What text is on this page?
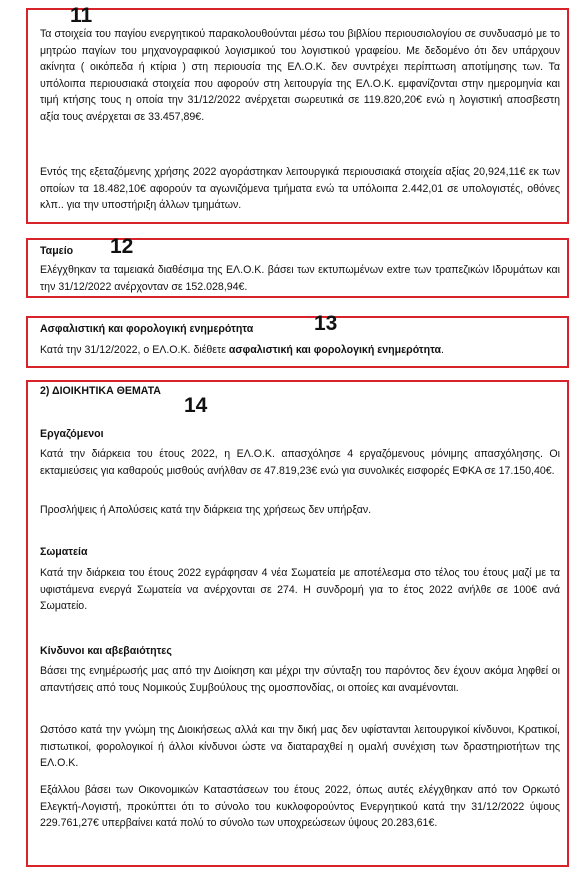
11

Τα στοιχεία του παγίου ενεργητικού παρακολουθούνται μέσω του βιβλίου περιουσιολογίου σε συνδυασμό με το μητρώο παγίων του μηχανογραφικού λογισμικού του λογιστικού γραφείου. Με δεδομένο ότι δεν υπάρχουν ακίνητα ( οικόπεδα ή κτίρια ) στη περιουσία της ΕΛ.Ο.Κ. δεν συντρέχει περίπτωση αποτίμησης των. Τα υπόλοιπα περιουσιακά στοιχεία που αφορούν στη λειτουργία της ΕΛ.Ο.Κ. εμφανίζονται στην ημερομηνία και τιμή κτήσης τους η οποία την 31/12/2022 ανέρχεται σωρευτικά σε 119.820,20€ ενώ η λογιστική αποσβεστη αξία τους ανέρχεται σε 33.457,89€.

Εντός της εξεταζόμενης χρήσης 2022 αγοράστηκαν λειτουργικά περιουσιακά στοιχεία αξίας 20,924,11€ εκ των οποίων τα 18.482,10€ αφορούν τα αγωνιζόμενα τμήματα ενώ τα υπόλοιπα 2.442,01 σε υπολογιστές, οθόνες κλπ.. για την υποστήριξη άλλων τμημάτων.

Ταμείο 12

Ελέγχθηκαν τα ταμειακά διαθέσιμα της ΕΛ.Ο.Κ. βάσει των εκτυπωμένων extre των τραπεζικών Ιδρυμάτων και την 31/12/2022 ανέρχονταν σε 152.028,94€.

Ασφαλιστική και φορολογική ενημερότητα	13

Κατά την 31/12/2022, ο ΕΛ.Ο.Κ. διέθετε ασφαλιστική και φορολογική ενημερότητα.

2) ΔΙΟΙΚΗΤΙΚΑ ΘΕΜΑΤΑ
14
Εργαζόμενοι

Κατά την διάρκεια του έτους 2022, η ΕΛ.Ο.Κ. απασχόλησε 4 εργαζόμενους μόνιμης απασχόλησης. Οι εκταμιεύσεις για καθαρούς μισθούς ανήλθαν σε 47.819,23€ ενώ για συνολικές εισφορές ΕΦΚΑ σε 17.150,40€.

Προσλήψεις ή Απολύσεις κατά την διάρκεια της χρήσεως δεν υπήρξαν.

Σωματεία

Κατά την διάρκεια του έτους 2022 εγράφησαν 4 νέα Σωματεία με αποτέλεσμα στο τέλος του έτους μαζί με τα υφιστάμενα ενεργά Σωματεία να ανέρχονται σε 274. Η συνδρομή για το έτος 2022 ανήλθε σε 100€ ανά Σωματείο.

Κίνδυνοι και αβεβαιότητες

Βάσει της ενημέρωσής μας από την Διοίκηση και μέχρι την σύνταξη του παρόντος δεν έχουν ακόμα ληφθεί οι απαντήσεις από τους Νομικούς Συμβούλους της ομοσπονδίας, οι οποίες και αναμένονται.

Ωστόσο κατά την γνώμη της Διοικήσεως αλλά και την δική μας δεν υφίστανται λειτουργικοί κίνδυνοι, Κρατικοί, πιστωτικοί, φορολογικοί ή άλλοι κίνδυνοι ώστε να διαταραχθεί η ομαλή συνέχιση των δραστηριοτήτων της ΕΛ.Ο.Κ.

Εξάλλου βάσει των Οικονομικών Καταστάσεων του έτους 2022, όπως αυτές ελέγχθηκαν από τον Ορκωτό Ελεγκτή-Λογιστή, προκύπτει ότι το σύνολο του κυκλοφορούντος Ενεργητικού κατά την 31/12/2022 ύψους 229.761,27€ υπερβαίνει κατά πολύ το σύνολο των υποχρεώσεων ύψους 20.283,61€.
